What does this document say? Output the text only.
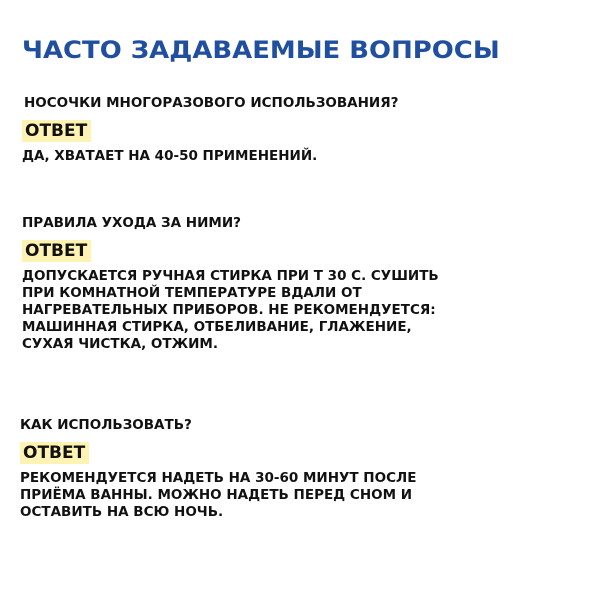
ЧАСТО ЗАДАВАЕМЫЕ ВОПРОСЫ
НОСОЧКИ МНОГОРАЗОВОГО ИСПОЛЬЗОВАНИЯ?
ОТВЕТ
ДА, ХВАТАЕТ НА 40-50 ПРИМЕНЕНИЙ.
ПРАВИЛА УХОДА ЗА НИМИ?
ОТВЕТ
ДОПУСКАЕТСЯ РУЧНАЯ СТИРКА ПРИ Т 30 С. СУШИТЬ
ПРИ КОМНАТНОЙ ТЕМПЕРАТУРЕ ВДАЛИ ОТ
НАГРЕВАТЕЛЬНЫХ ПРИБОРОВ. НЕ РЕКОМЕНДУЕТСЯ:
МАШИННАЯ СТИРКА, ОТБЕЛИВАНИЕ, ГЛАЖЕНИЕ,
СУХАЯ ЧИСТКА, ОТЖИМ.
КАК ИСПОЛЬЗОВАТЬ?
ОТВЕТ
РЕКОМЕНДУЕТСЯ НАДЕТЬ НА 30-60 МИНУТ ПОСЛЕ
ПРИЁМА ВАННЫ. МОЖНО НАДЕТЬ ПЕРЕД СНОМ И
ОСТАВИТЬ НА ВСЮ НОЧЬ.
